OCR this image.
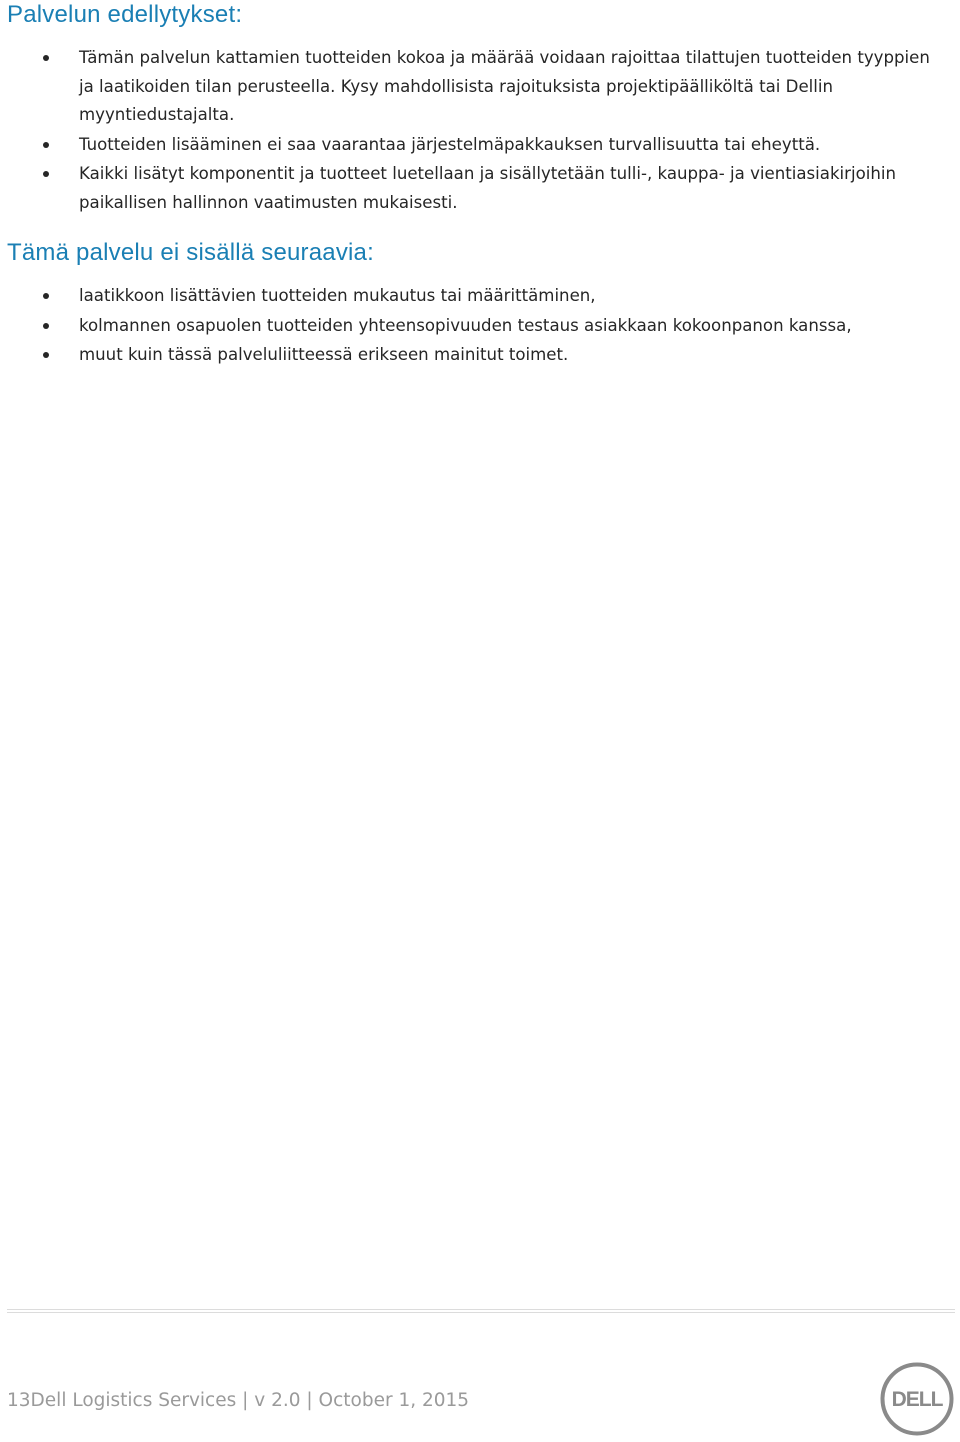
Palvelun edellytykset:
Tämän palvelun kattamien tuotteiden kokoa ja määrää voidaan rajoittaa tilattujen tuotteiden tyyppien ja laatikoiden tilan perusteella. Kysy mahdollisista rajoituksista projektipäälliköltä tai Dellin myyntiedustajalta.
Tuotteiden lisääminen ei saa vaarantaa järjestelmäpakkauksen turvallisuutta tai eheyttä.
Kaikki lisätyt komponentit ja tuotteet luetellaan ja sisällytetään tulli-, kauppa- ja vientiasiakirjoihin paikallisen hallinnon vaatimusten mukaisesti.
Tämä palvelu ei sisällä seuraavia:
laatikkoon lisättävien tuotteiden mukautus tai määrittäminen,
kolmannen osapuolen tuotteiden yhteensopivuuden testaus asiakkaan kokoonpanon kanssa,
muut kuin tässä palveluliitteessä erikseen mainitut toimet.
13Dell Logistics Services | v 2.0 | October 1, 2015	DELL
